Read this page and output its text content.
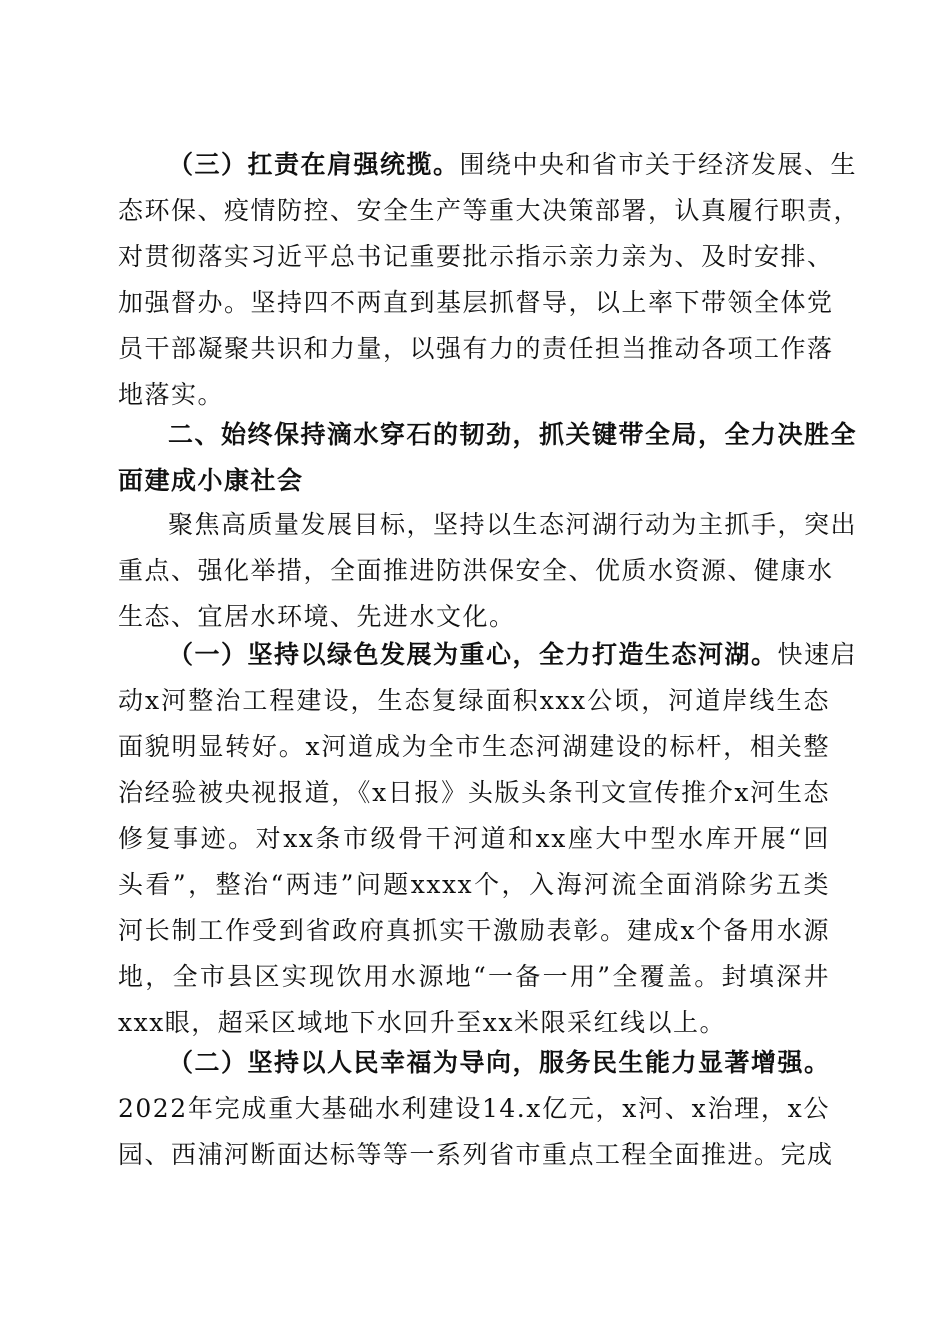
（三）扛责在肩强统揽。围绕中央和省市关于经济发展、生
态环保、疫情防控、安全生产等重大决策部署，认真履行职责，
对贯彻落实习近平总书记重要批示指示亲力亲为、及时安排、
加强督办。坚持四不两直到基层抓督导，以上率下带领全体党
员干部凝聚共识和力量，以强有力的责任担当推动各项工作落
地落实。
二、始终保持滴水穿石的韧劲，抓关键带全局，全力决胜全
面建成小康社会
聚焦高质量发展目标，坚持以生态河湖行动为主抓手，突出
重点、强化举措，全面推进防洪保安全、优质水资源、健康水
生态、宜居水环境、先进水文化。
（一）坚持以绿色发展为重心，全力打造生态河湖。快速启
动x河整治工程建设，生态复绿面积xxx公顷，河道岸线生态
面貌明显转好。x河道成为全市生态河湖建设的标杆，相关整
治经验被央视报道，《x日报》头版头条刊文宣传推介x河生态
修复事迹。对xx条市级骨干河道和xx座大中型水库开展“回
头看”，整治“两违”问题xxxx个，入海河流全面消除劣五类
河长制工作受到省政府真抓实干激励表彰。建成x个备用水源
地，全市县区实现饮用水源地“一备一用”全覆盖。封填深井
xxx眼，超采区域地下水回升至xx米限采红线以上。
（二）坚持以人民幸福为导向，服务民生能力显著增强。
2022年完成重大基础水利建设14.x亿元，x河、x治理，x公
园、西浦河断面达标等等一系列省市重点工程全面推进。完成
